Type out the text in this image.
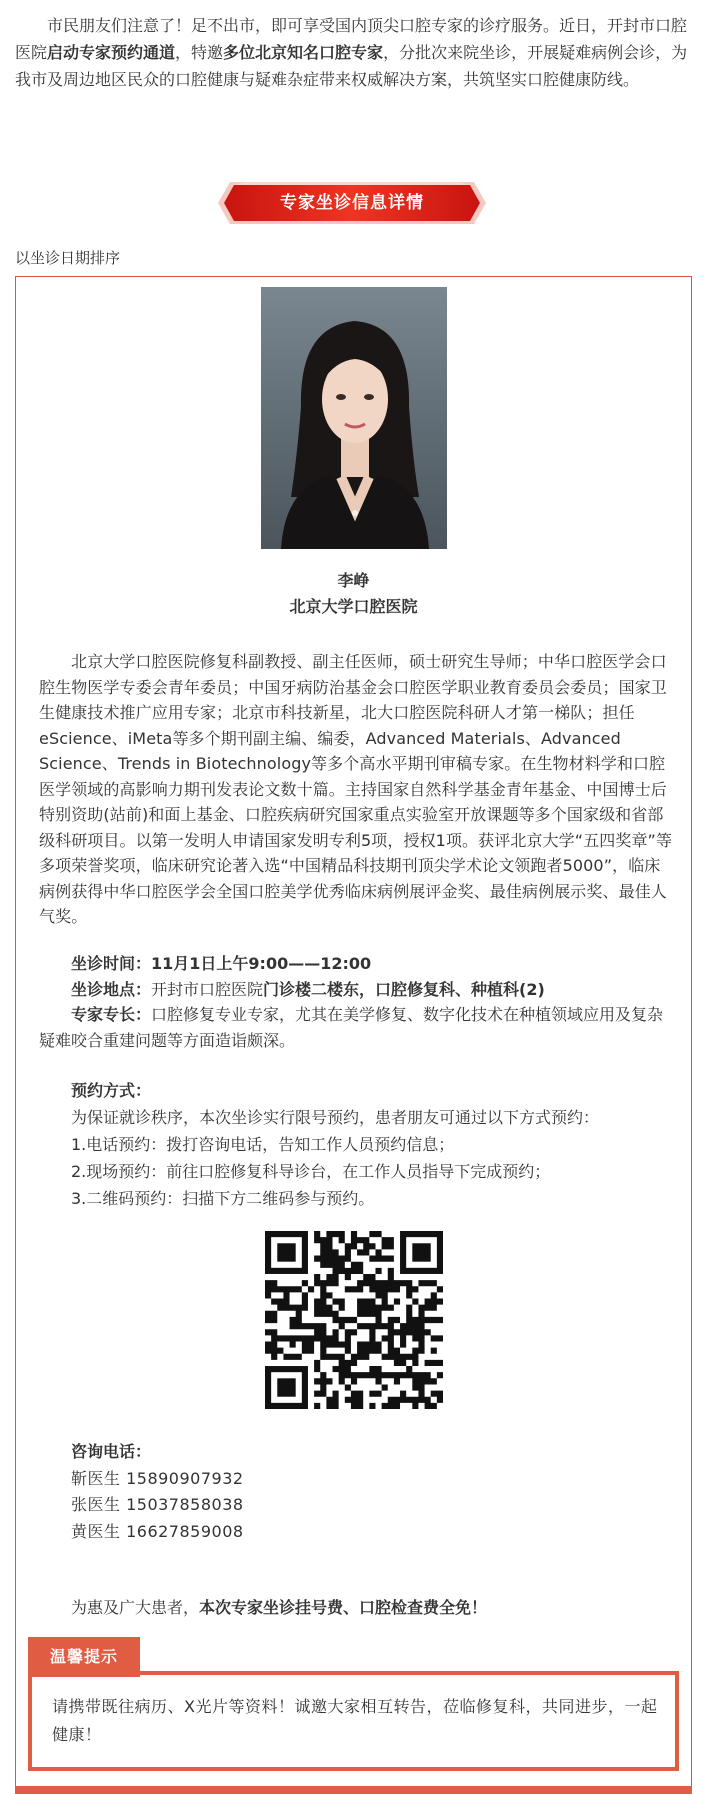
市民朋友们注意了！足不出市，即可享受国内顶尖口腔专家的诊疗服务。近日，开封市口腔医院启动专家预约通道，特邀多位北京知名口腔专家，分批次来院坐诊，开展疑难病例会诊，为我市及周边地区民众的口腔健康与疑难杂症带来权威解决方案，共筑坚实口腔健康防线。

专家坐诊信息详情
以坐诊日期排序
李峥
北京大学口腔医院

北京大学口腔医院修复科副教授、副主任医师，硕士研究生导师；中华口腔医学会口腔生物医学专委会青年委员；中国牙病防治基金会口腔医学职业教育委员会委员；国家卫生健康技术推广应用专家；北京市科技新星，北大口腔医院科研人才第一梯队；担任eScience、iMeta等多个期刊副主编、编委，Advanced Materials、Advanced Science、Trends in Biotechnology等多个高水平期刊审稿专家。在生物材料学和口腔医学领域的高影响力期刊发表论文数十篇。主持国家自然科学基金青年基金、中国博士后特别资助(站前)和面上基金、口腔疾病研究国家重点实验室开放课题等多个国家级和省部级科研项目。以第一发明人申请国家发明专利5项，授权1项。获评北京大学“五四奖章”等多项荣誉奖项，临床研究论著入选“中国精品科技期刊顶尖学术论文领跑者5000”，临床病例获得中华口腔医学会全国口腔美学优秀临床病例展评金奖、最佳病例展示奖、最佳人气奖。

坐诊时间：11月1日上午9:00——12:00
坐诊地点：开封市口腔医院门诊楼二楼东，口腔修复科、种植科(2)
专家专长：口腔修复专业专家，尤其在美学修复、数字化技术在种植领域应用及复杂疑难咬合重建问题等方面造诣颇深。
预约方式：
为保证就诊秩序，本次坐诊实行限号预约，患者朋友可通过以下方式预约：
1.电话预约：拨打咨询电话，告知工作人员预约信息；
2.现场预约：前往口腔修复科导诊台，在工作人员指导下完成预约；
3.二维码预约：扫描下方二维码参与预约。
咨询电话：
靳医生 15890907932
张医生 15037858038
黄医生 16627859008
为惠及广大患者，本次专家坐诊挂号费、口腔检查费全免！
请携带既往病历、X光片等资料！诚邀大家相互转告，莅临修复科，共同进步，一起健康！
温馨提示
